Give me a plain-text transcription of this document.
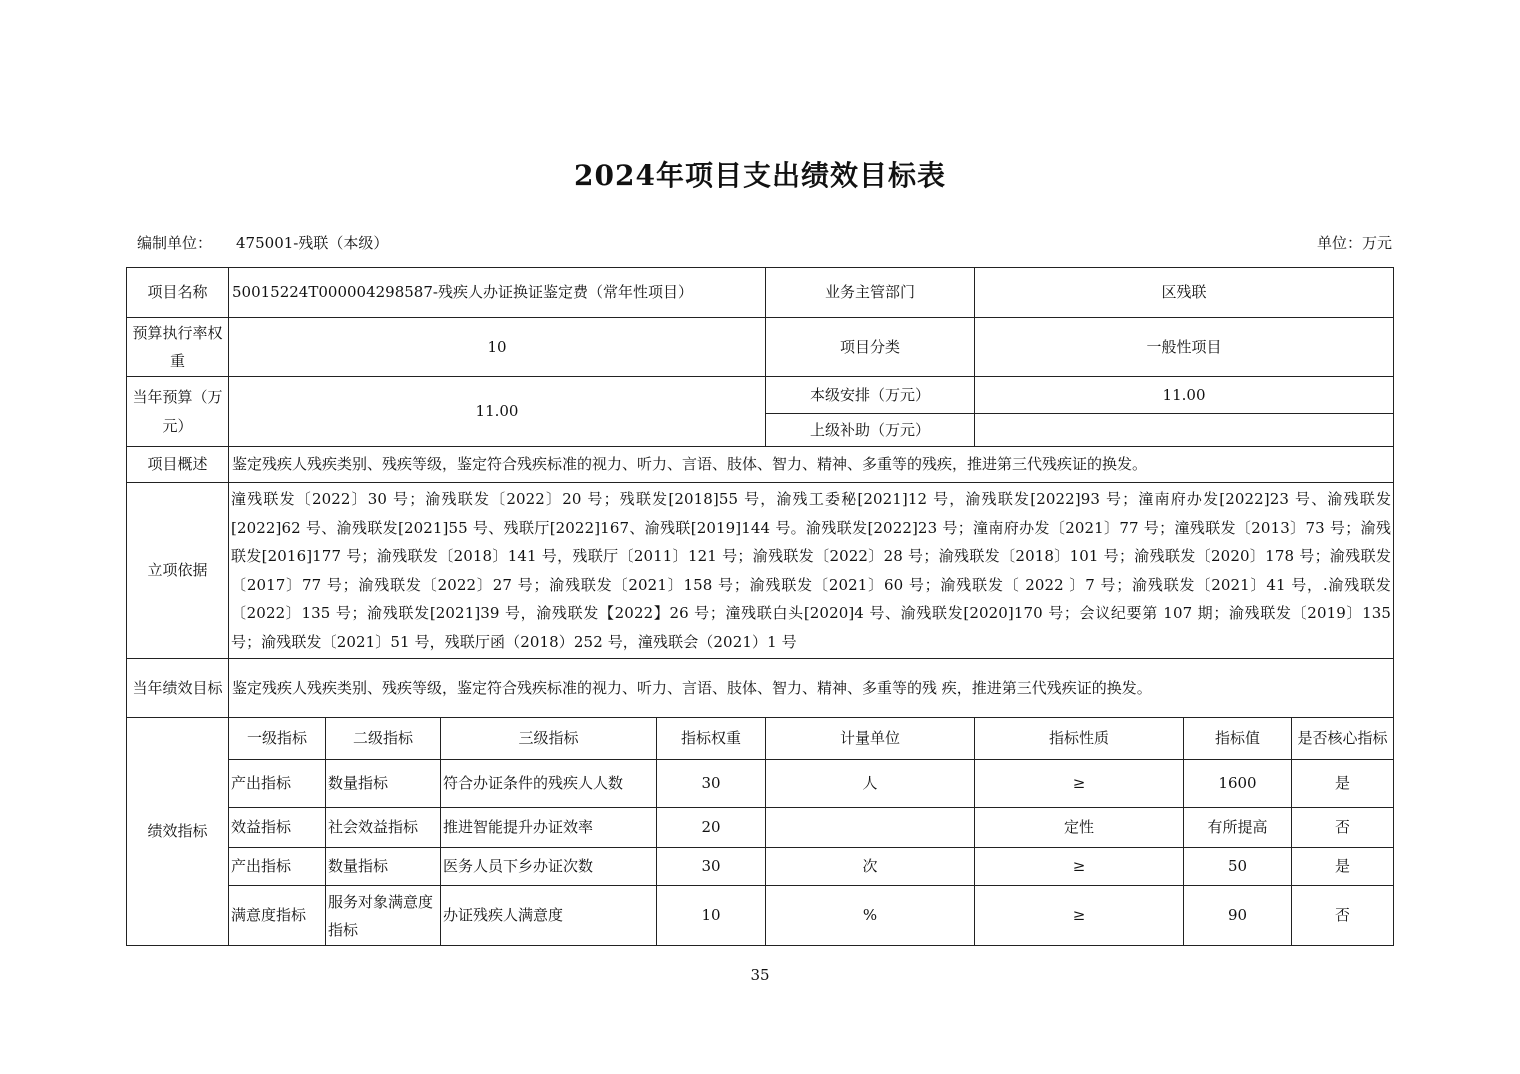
2024年项目支出绩效目标表
编制单位： 475001-残联（本级）	单位：万元
项目名称	50015224T000004298587-残疾人办证换证鉴定费（常年性项目）				业务主管部门	区残联		
预算执行率权重	10				项目分类	一般性项目		
当年预算（万元）	11.00				本级安排（万元）	11.00		
					上级补助（万元）			
项目概述	鉴定残疾人残疾类别、残疾等级，鉴定符合残疾标准的视力、听力、言语、肢体、智力、精神、多重等的残疾，推进第三代残疾证的换发。							
立项依据	潼残联发〔2022〕30 号；渝残联发〔2022〕20 号；残联发[2018]55 号，渝残工委秘[2021]12 号，渝残联发[2022]93 号；潼南府办发[2022]23 号、渝残联发[2022]62 号、渝残联发[2021]55 号、残联厅[2022]167、渝残联[2019]144 号。渝残联发[2022]23 号；潼南府办发〔2021〕77 号；潼残联发〔2013〕73 号；渝残联发[2016]177 号；渝残联发〔2018〕141 号，残联厅〔2011〕121 号；渝残联发〔2022〕28 号；渝残联发〔2018〕101 号；渝残联发〔2020〕178 号；渝残联发〔2017〕77 号；渝残联发〔2022〕27 号；渝残联发〔2021〕158 号；渝残联发〔2021〕60 号；渝残联发〔 2022 〕7 号；渝残联发〔2021〕41 号，.渝残联发〔2022〕135 号；渝残联发[2021]39 号，渝残联发【2022】26 号；潼残联白头[2020]4 号、渝残联发[2020]170 号；会议纪要第 107 期；渝残联发〔2019〕135 号；渝残联发〔2021〕51 号，残联厅函（2018）252 号，潼残联会（2021）1 号							
当年绩效目标	鉴定残疾人残疾类别、残疾等级，鉴定符合残疾标准的视力、听力、言语、肢体、智力、精神、多重等的残 疾，推进第三代残疾证的换发。							
绩效指标	一级指标	二级指标	三级指标	指标权重	计量单位	指标性质	指标值	是否核心指标
	产出指标	数量指标	符合办证条件的残疾人人数	30	人	≥	1600	是
	效益指标	社会效益指标	推进智能提升办证效率	20		定性	有所提高	否
	产出指标	数量指标	医务人员下乡办证次数	30	次	≥	50	是
	满意度指标	服务对象满意度指标	办证残疾人满意度	10	%	≥	90	否
35
